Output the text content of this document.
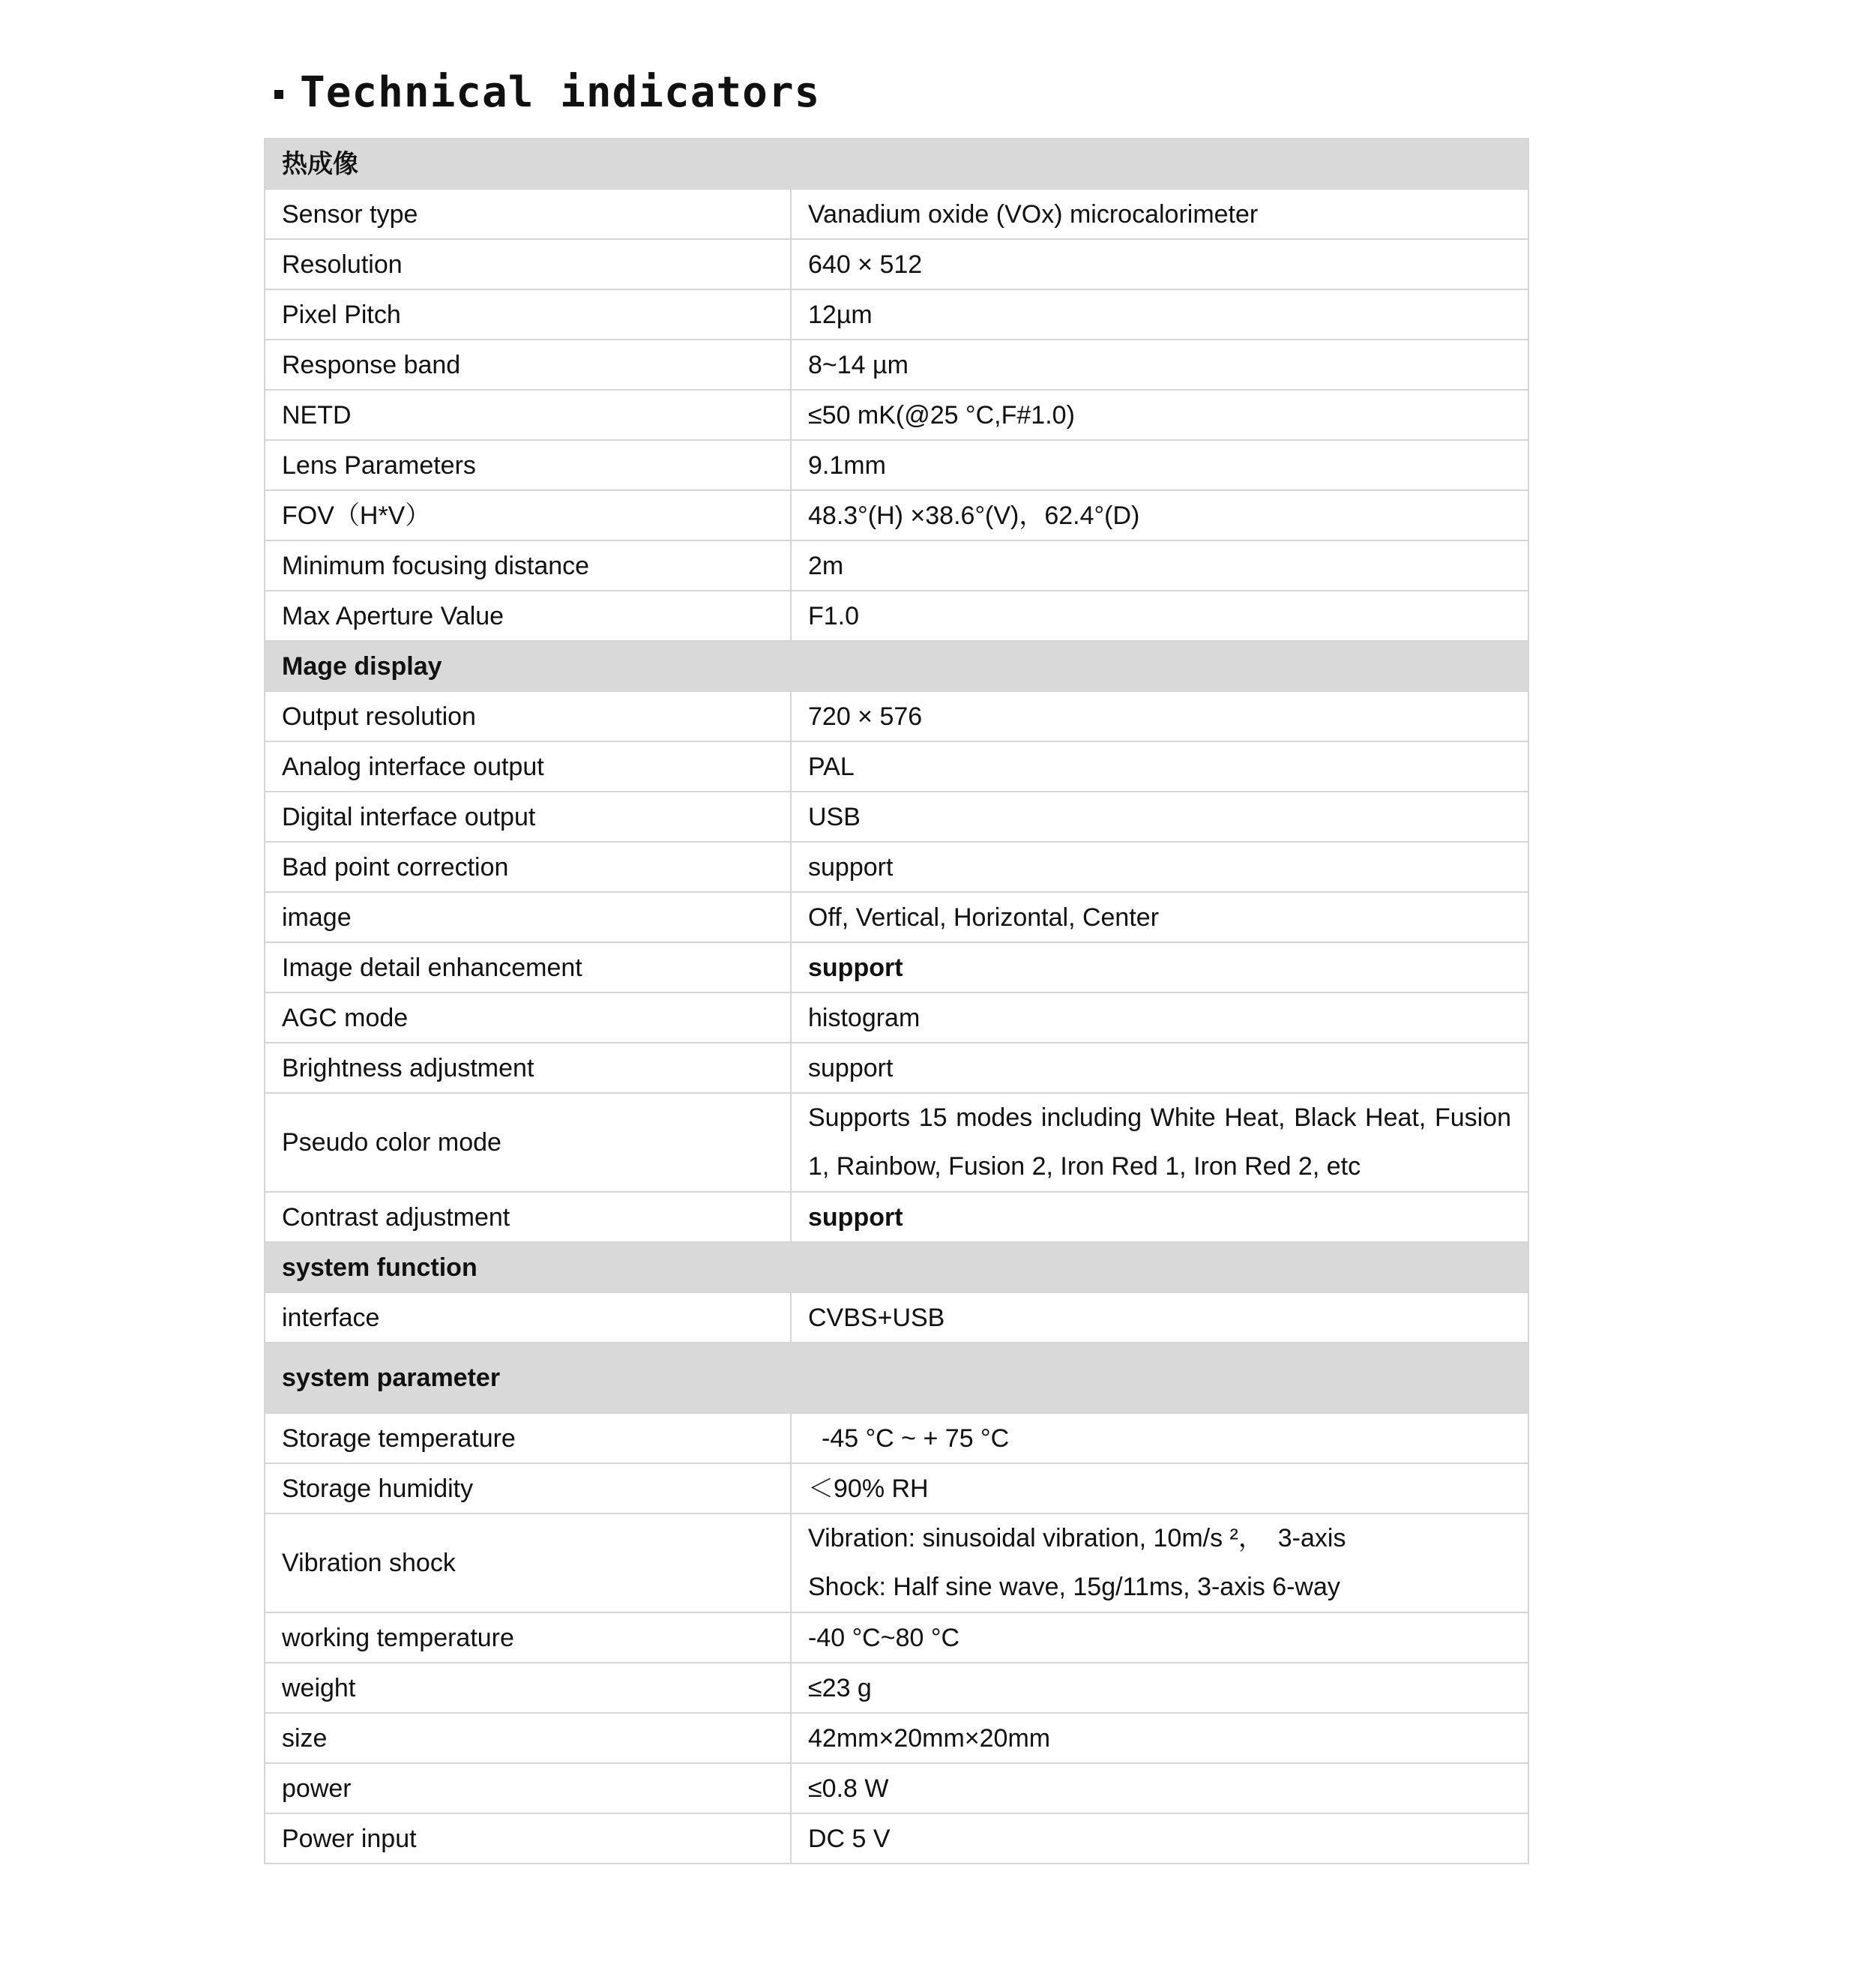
Technical indicators
热成像	
Sensor type	Vanadium oxide (VOx) microcalorimeter
Resolution	640 × 512
Pixel Pitch	12µm
Response band	8~14 µm
NETD	≤50 mK(@25 °C,F#1.0)
Lens Parameters	9.1mm
FOV（H*V）	48.3°(H) ×38.6°(V)，62.4°(D)
Minimum focusing distance	2m
Max Aperture Value	F1.0
Mage display	
Output resolution	720 × 576
Analog interface output	PAL
Digital interface output	USB
Bad point correction	support
image	Off, Vertical, Horizontal, Center
Image detail enhancement	support
AGC mode	histogram
Brightness adjustment	support
Pseudo color mode	Supports 15 modes including White Heat, Black Heat, Fusion 1, Rainbow, Fusion 2, Iron Red 1, Iron Red 2, etc
Contrast adjustment	support
system function	
interface	CVBS+USB
system parameter	
Storage temperature	-45 °C ~ + 75 °C
Storage humidity	＜90% RH
Vibration shock	Vibration: sinusoidal vibration, 10m/s ²，  3-axis
Shock: Half sine wave, 15g/11ms, 3-axis 6-way

working temperature	-40 °C~80 °C
weight	≤23 g
size	42mm×20mm×20mm
power	≤0.8 W
Power input	DC 5 V
